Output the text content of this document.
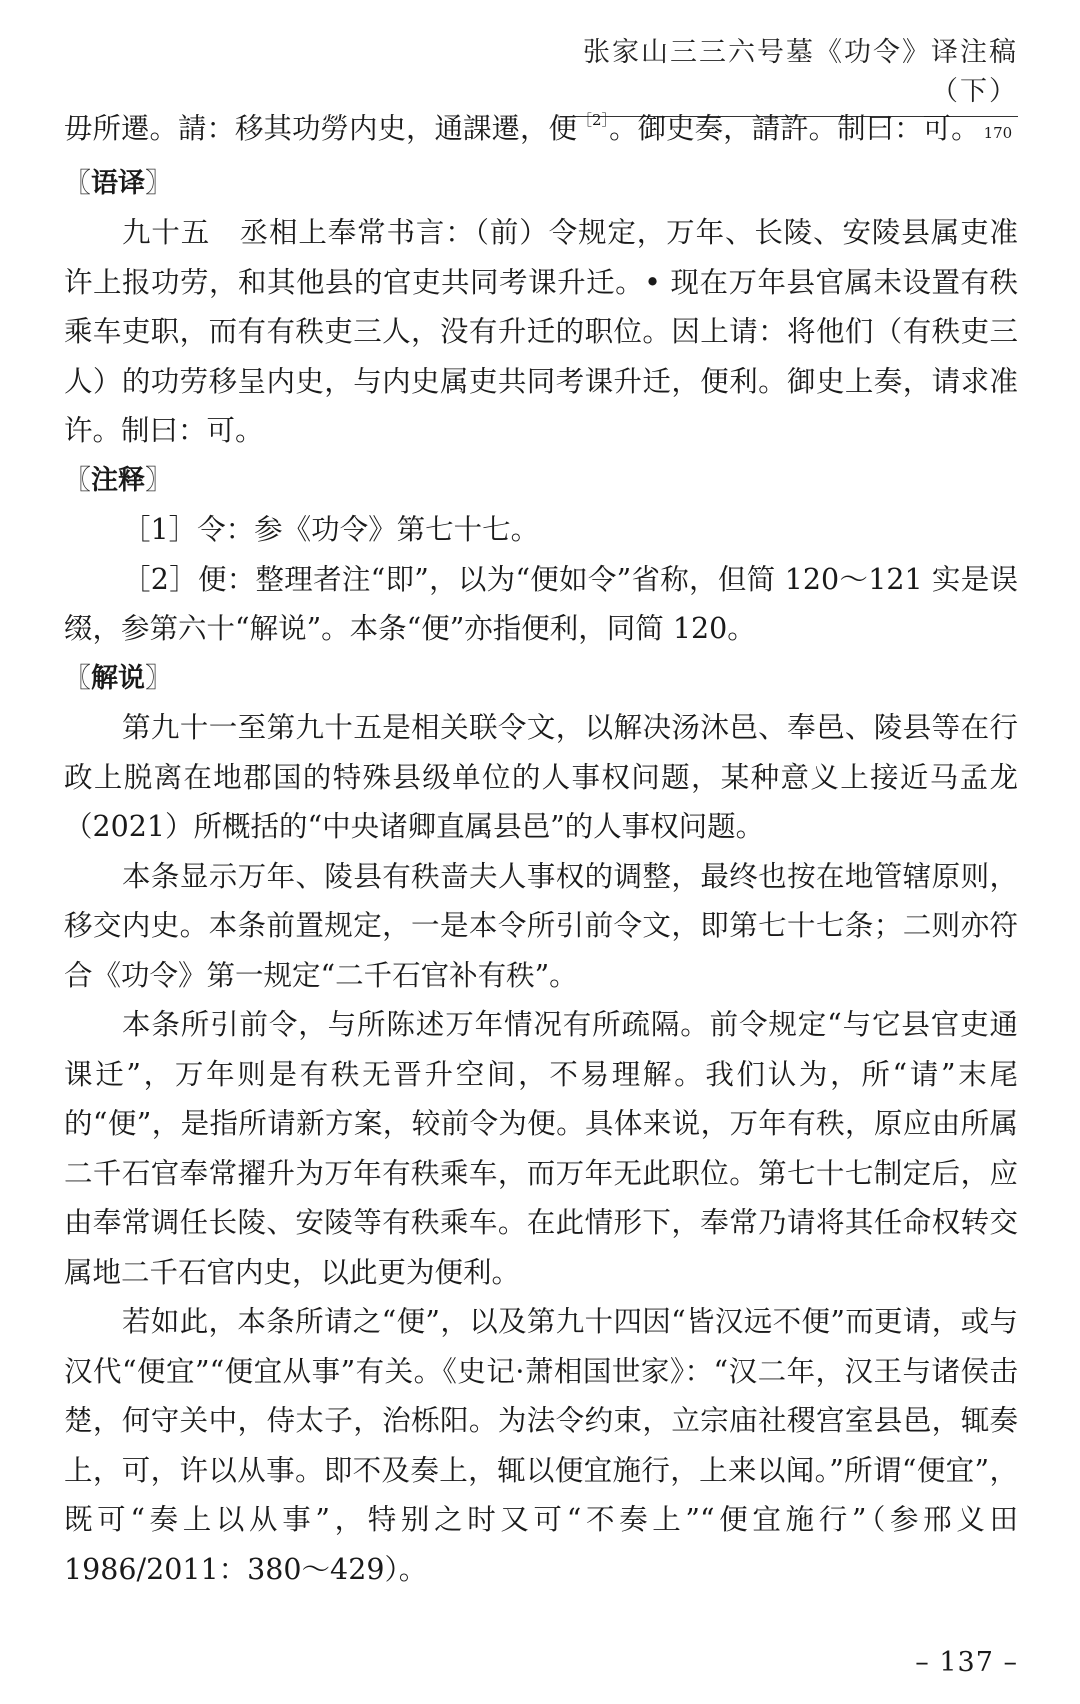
张家山三三六号墓《功令》译注稿（下）

毋所遷。請：移其功勞内史，通課遷，便$^{[2]}$。御史奏，請許。制曰：可。 170

〖语译〗

九十五　丞相上奉常书言：（前）令规定，万年、长陵、安陵县属吏准许上报功劳，和其他县的官吏共同考课升迁。• 现在万年县官属未设置有秩乘车吏职，而有有秩吏三人，没有升迁的职位。因上请：将他们（有秩吏三人）的功劳移呈内史，与内史属吏共同考课升迁，便利。御史上奏，请求准许。制曰：可。

〖注释〗

［1］令：参《功令》第七十七。

［2］便：整理者注“即”，以为“便如令”省称，但简 120～121 实是误缀，参第六十“解说”。本条“便”亦指便利，同简 120。

〖解说〗

第九十一至第九十五是相关联令文，以解决汤沐邑、奉邑、陵县等在行政上脱离在地郡国的特殊县级单位的人事权问题，某种意义上接近马孟龙（2021）所概括的“中央诸卿直属县邑”的人事权问题。

本条显示万年、陵县有秩啬夫人事权的调整，最终也按在地管辖原则，移交内史。本条前置规定，一是本令所引前令文，即第七十七条；二则亦符合《功令》第一规定“二千石官补有秩”。

本条所引前令，与所陈述万年情况有所疏隔。前令规定“与它县官吏通课迁”，万年则是有秩无晋升空间，不易理解。我们认为，所“请”末尾的“便”，是指所请新方案，较前令为便。具体来说，万年有秩，原应由所属二千石官奉常擢升为万年有秩乘车，而万年无此职位。第七十七制定后，应由奉常调任长陵、安陵等有秩乘车。在此情形下，奉常乃请将其任命权转交属地二千石官内史，以此更为便利。

若如此，本条所请之“便”，以及第九十四因“皆汉远不便”而更请，或与汉代“便宜”“便宜从事”有关。《史记·萧相国世家》：“汉二年，汉王与诸侯击楚，何守关中，侍太子，治栎阳。为法令约束，立宗庙社稷宫室县邑，辄奏上，可，许以从事。即不及奏上，辄以便宜施行，上来以闻。”所谓“便宜”，既可“奏上以从事”，特别之时又可“不奏上”“便宜施行”（参邢义田 1986/2011：380～429）。

– 137 –
